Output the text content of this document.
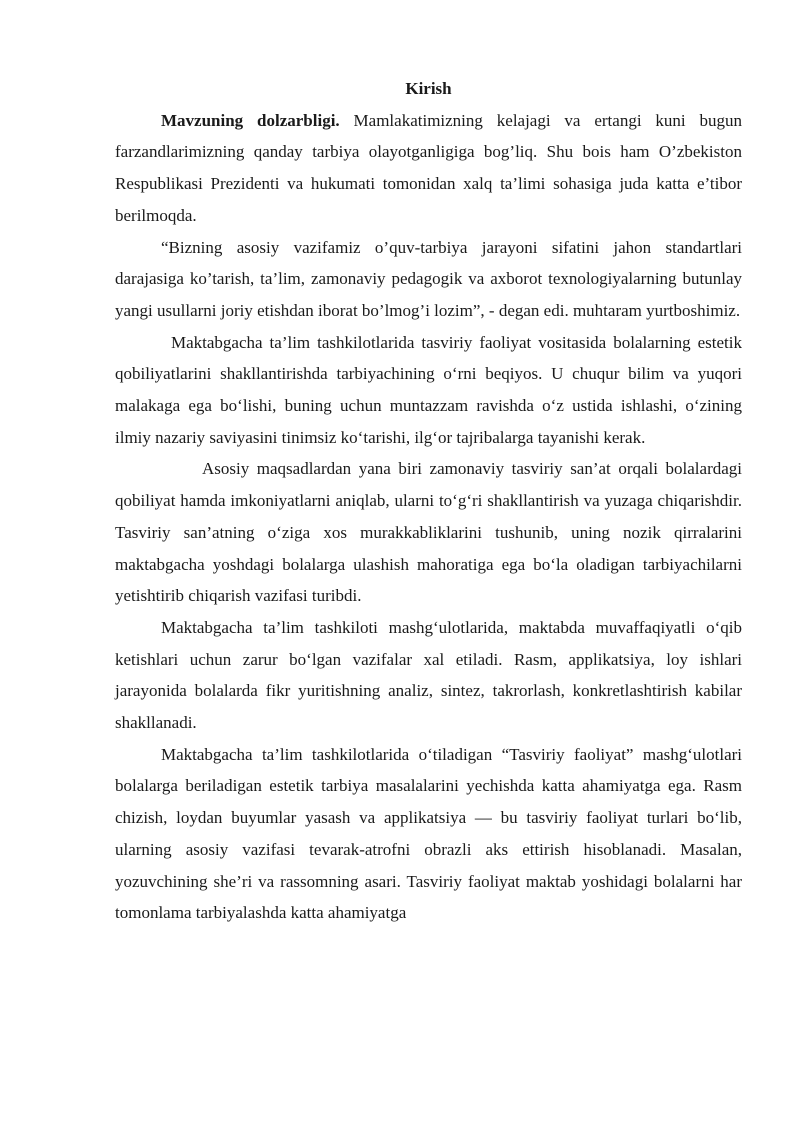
Kirish

Mavzuning dolzarbligi. Mamlakatimizning kelajagi va ertangi kuni bugun farzandlarimizning qanday tarbiya olayotganligiga bog’liq. Shu bois ham O’zbekiston Respublikasi Prezidenti va hukumati tomonidan xalq ta’limi sohasiga juda katta e’tibor berilmoqda.

“Bizning asosiy vazifamiz o’quv-tarbiya jarayoni sifatini jahon standartlari darajasiga ko’tarish, ta’lim, zamonaviy pedagogik va axborot texnologiyalarning butunlay yangi usullarni joriy etishdan iborat bo’lmog’i lozim”, - degan edi. muhtaram yurtboshimiz.

Maktabgacha ta’lim tashkilotlarida tasviriy faoliyat vositasida bolalarning estetik qobiliyatlarini shakllantirishda tarbiyachining o‘rni beqiyos. U chuqur bilim va yuqori malakaga ega bo‘lishi, buning uchun muntazzam ravishda o‘z ustida ishlashi, o‘zining ilmiy nazariy saviyasini tinimsiz ko‘tarishi, ilg‘or tajribalarga tayanishi kerak.

Asosiy maqsadlardan yana biri zamonaviy tasviriy san’at orqali bolalardagi qobiliyat hamda imkoniyatlarni aniqlab, ularni to‘g‘ri shakllantirish va yuzaga chiqarishdir. Tasviriy san’atning o‘ziga xos murakkabliklarini tushunib, uning nozik qirralarini maktabgacha yoshdagi bolalarga ulashish mahoratiga ega bo‘la oladigan tarbiyachilarni yetishtirib chiqarish vazifasi turibdi.

Maktabgacha ta’lim tashkiloti mashg‘ulotlarida, maktabda muvaffaqiyatli o‘qib ketishlari uchun zarur bo‘lgan vazifalar xal etiladi. Rasm, applikatsiya, loy ishlari jarayonida bolalarda fikr yuritishning analiz, sintez, takrorlash, konkretlashtirish kabilar shakllanadi.

Maktabgacha ta’lim tashkilotlarida o‘tiladigan “Tasviriy faoliyat” mashg‘ulotlari bolalarga beriladigan estetik tarbiya masalalarini yechishda katta ahamiyatga ega. Rasm chizish, loydan buyumlar yasash va applikatsiya — bu tasviriy faoliyat turlari bo‘lib, ularning asosiy vazifasi tevarak-atrofni obrazli aks ettirish hisoblanadi. Masalan, yozuvchining she’ri va rassomning asari. Tasviriy faoliyat maktab yoshidagi bolalarni har tomonlama tarbiyalashda katta ahamiyatga
